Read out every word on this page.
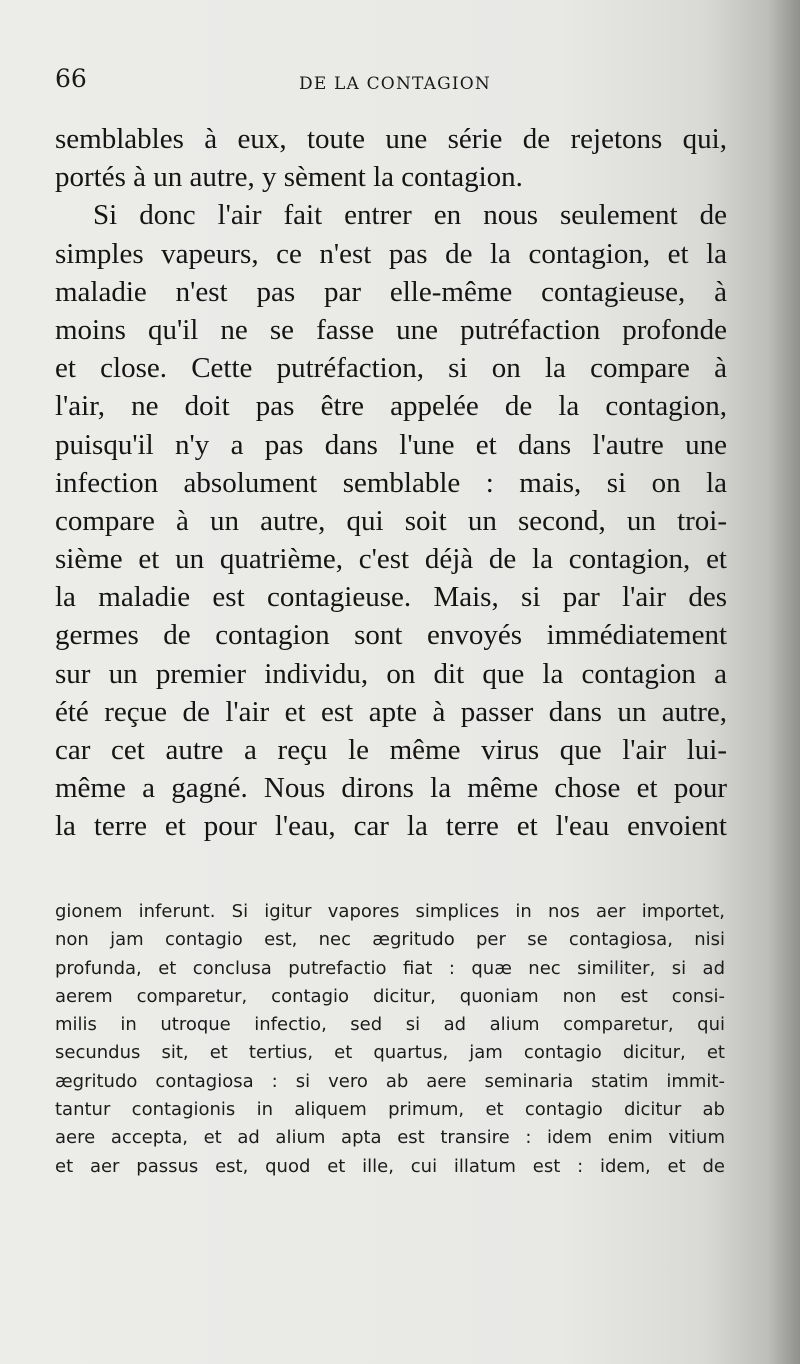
66	DE LA CONTAGION
semblables à eux, toute une série de rejetons qui,
portés à un autre, y sèment la contagion.
Si donc l'air fait entrer en nous seulement de
simples vapeurs, ce n'est pas de la contagion, et la
maladie n'est pas par elle-même contagieuse, à
moins qu'il ne se fasse une putréfaction profonde
et close. Cette putréfaction, si on la compare à
l'air, ne doit pas être appelée de la contagion,
puisqu'il n'y a pas dans l'une et dans l'autre une
infection absolument semblable : mais, si on la
compare à un autre, qui soit un second, un troi-
sième et un quatrième, c'est déjà de la contagion, et
la maladie est contagieuse. Mais, si par l'air des
germes de contagion sont envoyés immédiatement
sur un premier individu, on dit que la contagion a
été reçue de l'air et est apte à passer dans un autre,
car cet autre a reçu le même virus que l'air lui-
même a gagné. Nous dirons la même chose et pour
la terre et pour l'eau, car la terre et l'eau envoient
gionem inferunt. Si igitur vapores simplices in nos aer importet,
non jam contagio est, nec ægritudo per se contagiosa, nisi
profunda, et conclusa putrefactio fiat : quæ nec similiter, si ad
aerem comparetur, contagio dicitur, quoniam non est consi-
milis in utroque infectio, sed si ad alium comparetur, qui
secundus sit, et tertius, et quartus, jam contagio dicitur, et
ægritudo contagiosa : si vero ab aere seminaria statim immit-
tantur contagionis in aliquem primum, et contagio dicitur ab
aere accepta, et ad alium apta est transire : idem enim vitium
et aer passus est, quod et ille, cui illatum est : idem, et de
